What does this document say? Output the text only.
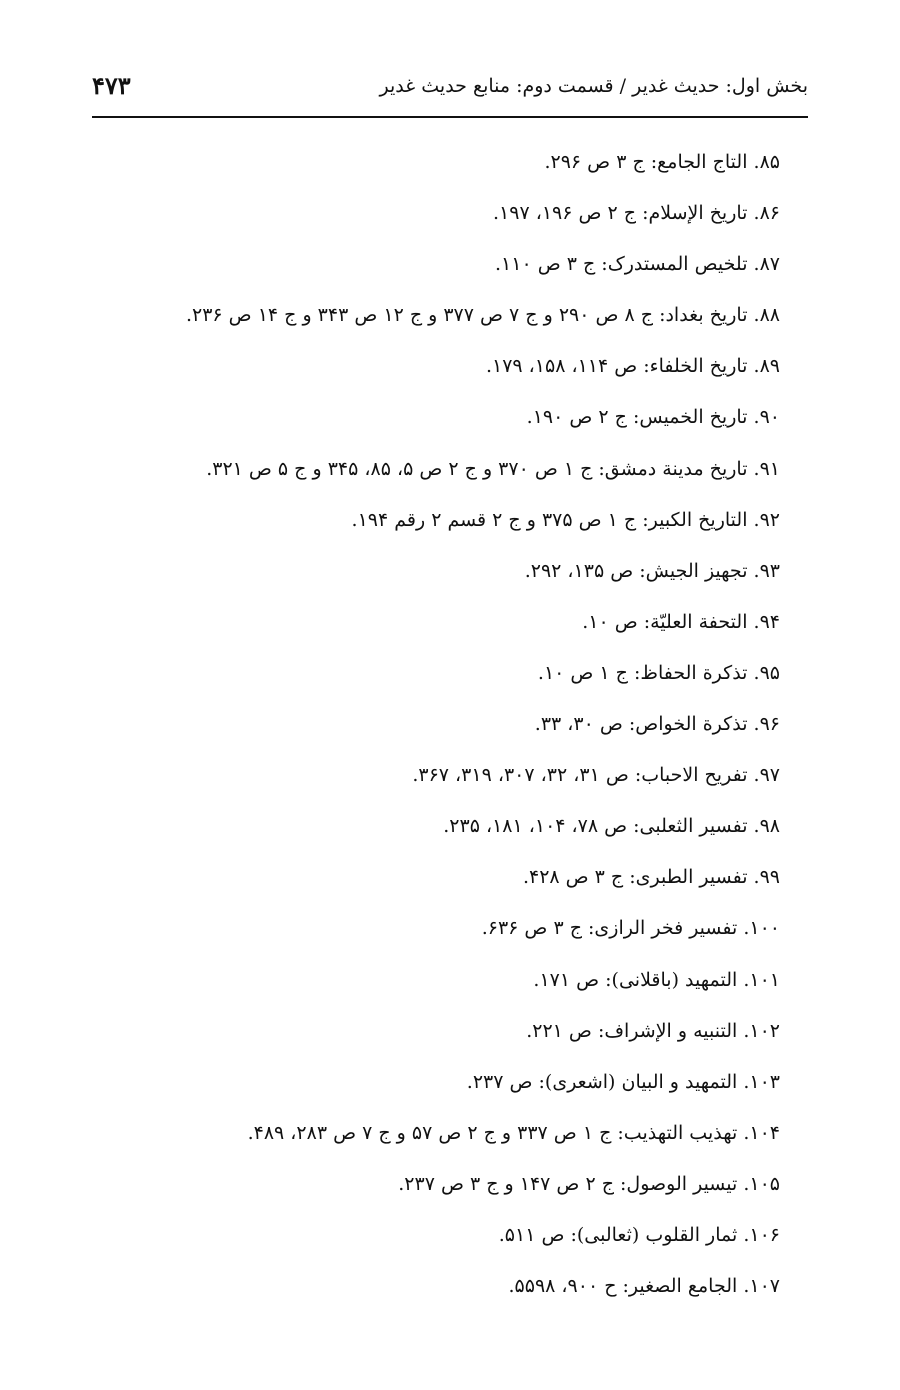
بخش اول: حديث غدير / قسمت دوم: منابع حديث غدير
۴۷۳
۸۵. التاج الجامع: ج ۳ ص ۲۹۶.
۸۶. تاريخ الإسلام: ج ۲ ص ۱۹۶، ۱۹۷.
۸۷. تلخيص المستدرک: ج ۳ ص ۱۱۰.
۸۸. تاريخ بغداد: ج ۸ ص ۲۹۰ و ج ۷ ص ۳۷۷ و ج ۱۲ ص ۳۴۳ و ج ۱۴ ص ۲۳۶.
۸۹. تاريخ الخلفاء: ص ۱۱۴، ۱۵۸، ۱۷۹.
۹۰. تاريخ الخميس: ج ۲ ص ۱۹۰.
۹۱. تاريخ مدينة دمشق: ج ۱ ص ۳۷۰ و ج ۲ ص ۵، ۸۵، ۳۴۵ و ج ۵ ص ۳۲۱.
۹۲. التاريخ الكبير: ج ۱ ص ۳۷۵ و ج ۲ قسم ۲ رقم ۱۹۴.
۹۳. تجهيز الجيش: ص ۱۳۵، ۲۹۲.
۹۴. التحفة العليّة: ص ۱۰.
۹۵. تذكرة الحفاظ: ج ۱ ص ۱۰.
۹۶. تذكرة الخواص: ص ۳۰، ۳۳.
۹۷. تفريح الاحباب: ص ۳۱، ۳۲، ۳۰۷، ۳۱۹، ۳۶۷.
۹۸. تفسير الثعلبى: ص ۷۸، ۱۰۴، ۱۸۱، ۲۳۵.
۹۹. تفسير الطبرى: ج ۳ ص ۴۲۸.
۱۰۰. تفسير فخر الرازى: ج ۳ ص ۶۳۶.
۱۰۱. التمهيد (باقلانى): ص ۱۷۱.
۱۰۲. التنبيه و الإشراف: ص ۲۲۱.
۱۰۳. التمهيد و البيان (اشعرى): ص ۲۳۷.
۱۰۴. تهذيب التهذيب: ج ۱ ص ۳۳۷ و ج ۲ ص ۵۷ و ج ۷ ص ۲۸۳، ۴۸۹.
۱۰۵. تيسير الوصول: ج ۲ ص ۱۴۷ و ج ۳ ص ۲۳۷.
۱۰۶. ثمار القلوب (ثعالبى): ص ۵۱۱.
۱۰۷. الجامع الصغير: ح ۹۰۰، ۵۵۹۸.
